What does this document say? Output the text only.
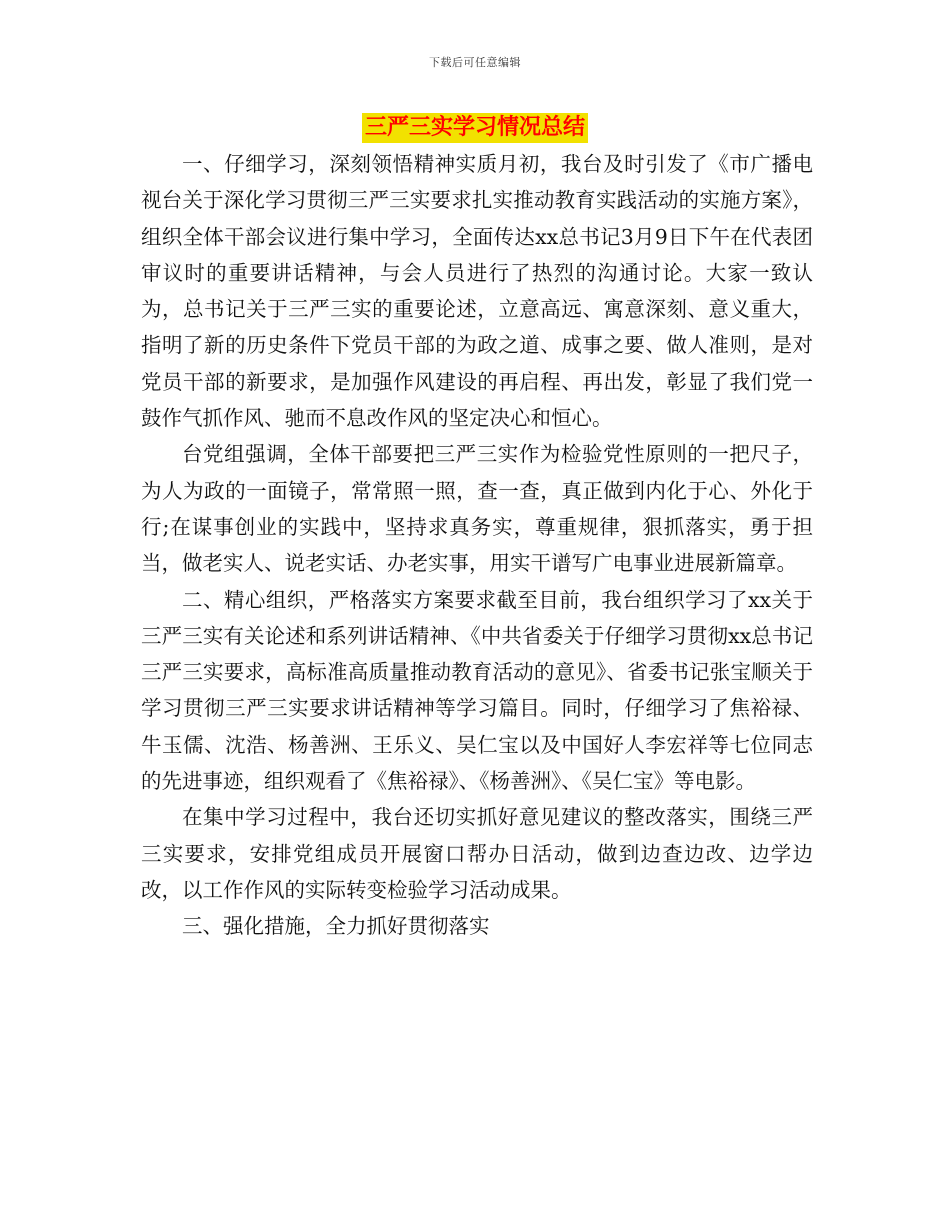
下载后可任意编辑
三严三实学习情况总结

一、仔细学习，深刻领悟精神实质月初，我台及时引发了《市广播电视台关于深化学习贯彻三严三实要求扎实推动教育实践活动的实施方案》，组织全体干部会议进行集中学习，全面传达xx总书记3月9日下午在代表团审议时的重要讲话精神，与会人员进行了热烈的沟通讨论。大家一致认为，总书记关于三严三实的重要论述，立意高远、寓意深刻、意义重大，指明了新的历史条件下党员干部的为政之道、成事之要、做人准则，是对党员干部的新要求，是加强作风建设的再启程、再出发，彰显了我们党一鼓作气抓作风、驰而不息改作风的坚定决心和恒心。

台党组强调，全体干部要把三严三实作为检验党性原则的一把尺子，为人为政的一面镜子，常常照一照，查一查，真正做到内化于心、外化于行;在谋事创业的实践中，坚持求真务实，尊重规律，狠抓落实，勇于担当，做老实人、说老实话、办老实事，用实干谱写广电事业进展新篇章。

二、精心组织，严格落实方案要求截至目前，我台组织学习了xx关于三严三实有关论述和系列讲话精神、《中共省委关于仔细学习贯彻xx总书记三严三实要求，高标准高质量推动教育活动的意见》、省委书记张宝顺关于学习贯彻三严三实要求讲话精神等学习篇目。同时，仔细学习了焦裕禄、牛玉儒、沈浩、杨善洲、王乐义、吴仁宝以及中国好人李宏祥等七位同志的先进事迹，组织观看了《焦裕禄》、《杨善洲》、《吴仁宝》等电影。

在集中学习过程中，我台还切实抓好意见建议的整改落实，围绕三严三实要求，安排党组成员开展窗口帮办日活动，做到边查边改、边学边改，以工作作风的实际转变检验学习活动成果。

三、强化措施，全力抓好贯彻落实
